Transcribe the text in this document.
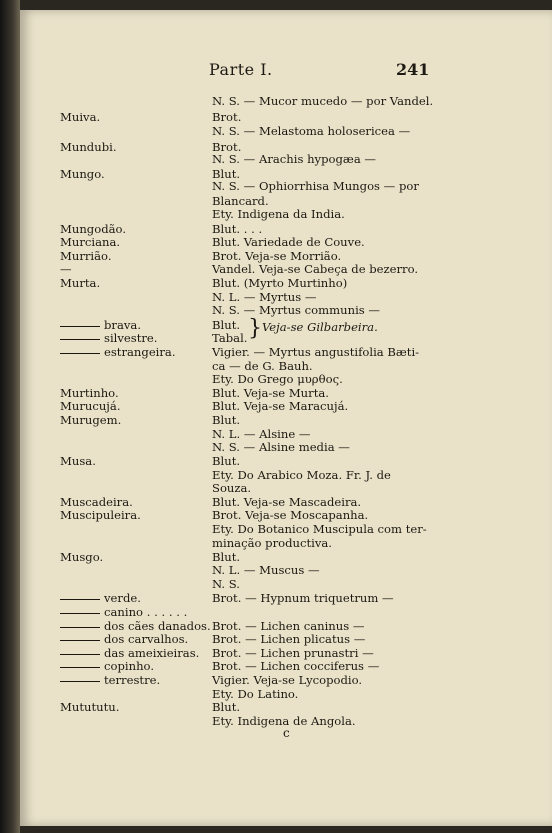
Parte I.	241
N. S. — Mucor mucedo — por Vandel.
Muiva.	Brot.
N. S. — Melastoma holosericea —
Mundubi.	Brot.
N. S. — Arachis hypogæa —
Mungo.	Blut.
N. S. — Ophiorrhisa Mungos — por
Blancard.
Ety. Indigena da India.
Mungodão.	Blut. . . .
Murciana.	Blut. Variedade de Couve.
Murrião.	Brot. Veja-se Morrião.
—	Vandel. Veja-se Cabeça de bezerro.
Murta.	Blut. (Myrto Murtinho)
N. L. — Myrtus —
N. S. — Myrtus communis —
brava.	Blut.
silvestre.	Tabal.
estrangeira.	Vigier. — Myrtus angustifolia Bæti-
ca — de G. Bauh.
Ety. Do Grego μυρθος.
Murtinho.	Blut. Veja-se Murta.
Murucujá.	Blut. Veja-se Maracujá.
Murugem.	Blut.
N. L. — Alsine —
N. S. — Alsine media —
Musa.	Blut.
Ety. Do Arabico Moza. Fr. J. de
Souza.
Muscadeira.	Blut. Veja-se Mascadeira.
Muscipuleira.	Brot. Veja-se Moscapanha.
Ety. Do Botanico Muscipula com ter-
minação productiva.
Musgo.	Blut.
N. L. — Muscus —
N. S.
verde.	Brot. — Hypnum triquetrum —
canino . . . . . .
dos cães danados. Brot. — Lichen caninus —
dos carvalhos. Brot. — Lichen plicatus —
das ameixieiras. Brot. — Lichen prunastri —
copinho.	Brot. — Lichen cocciferus —
terrestre.	Vigier. Veja-se Lycopodio.
Ety. Do Latino.
Mutututu.	Blut.
Ety. Indigena de Angola.
} Veja-se Gilbarbeira.
c
